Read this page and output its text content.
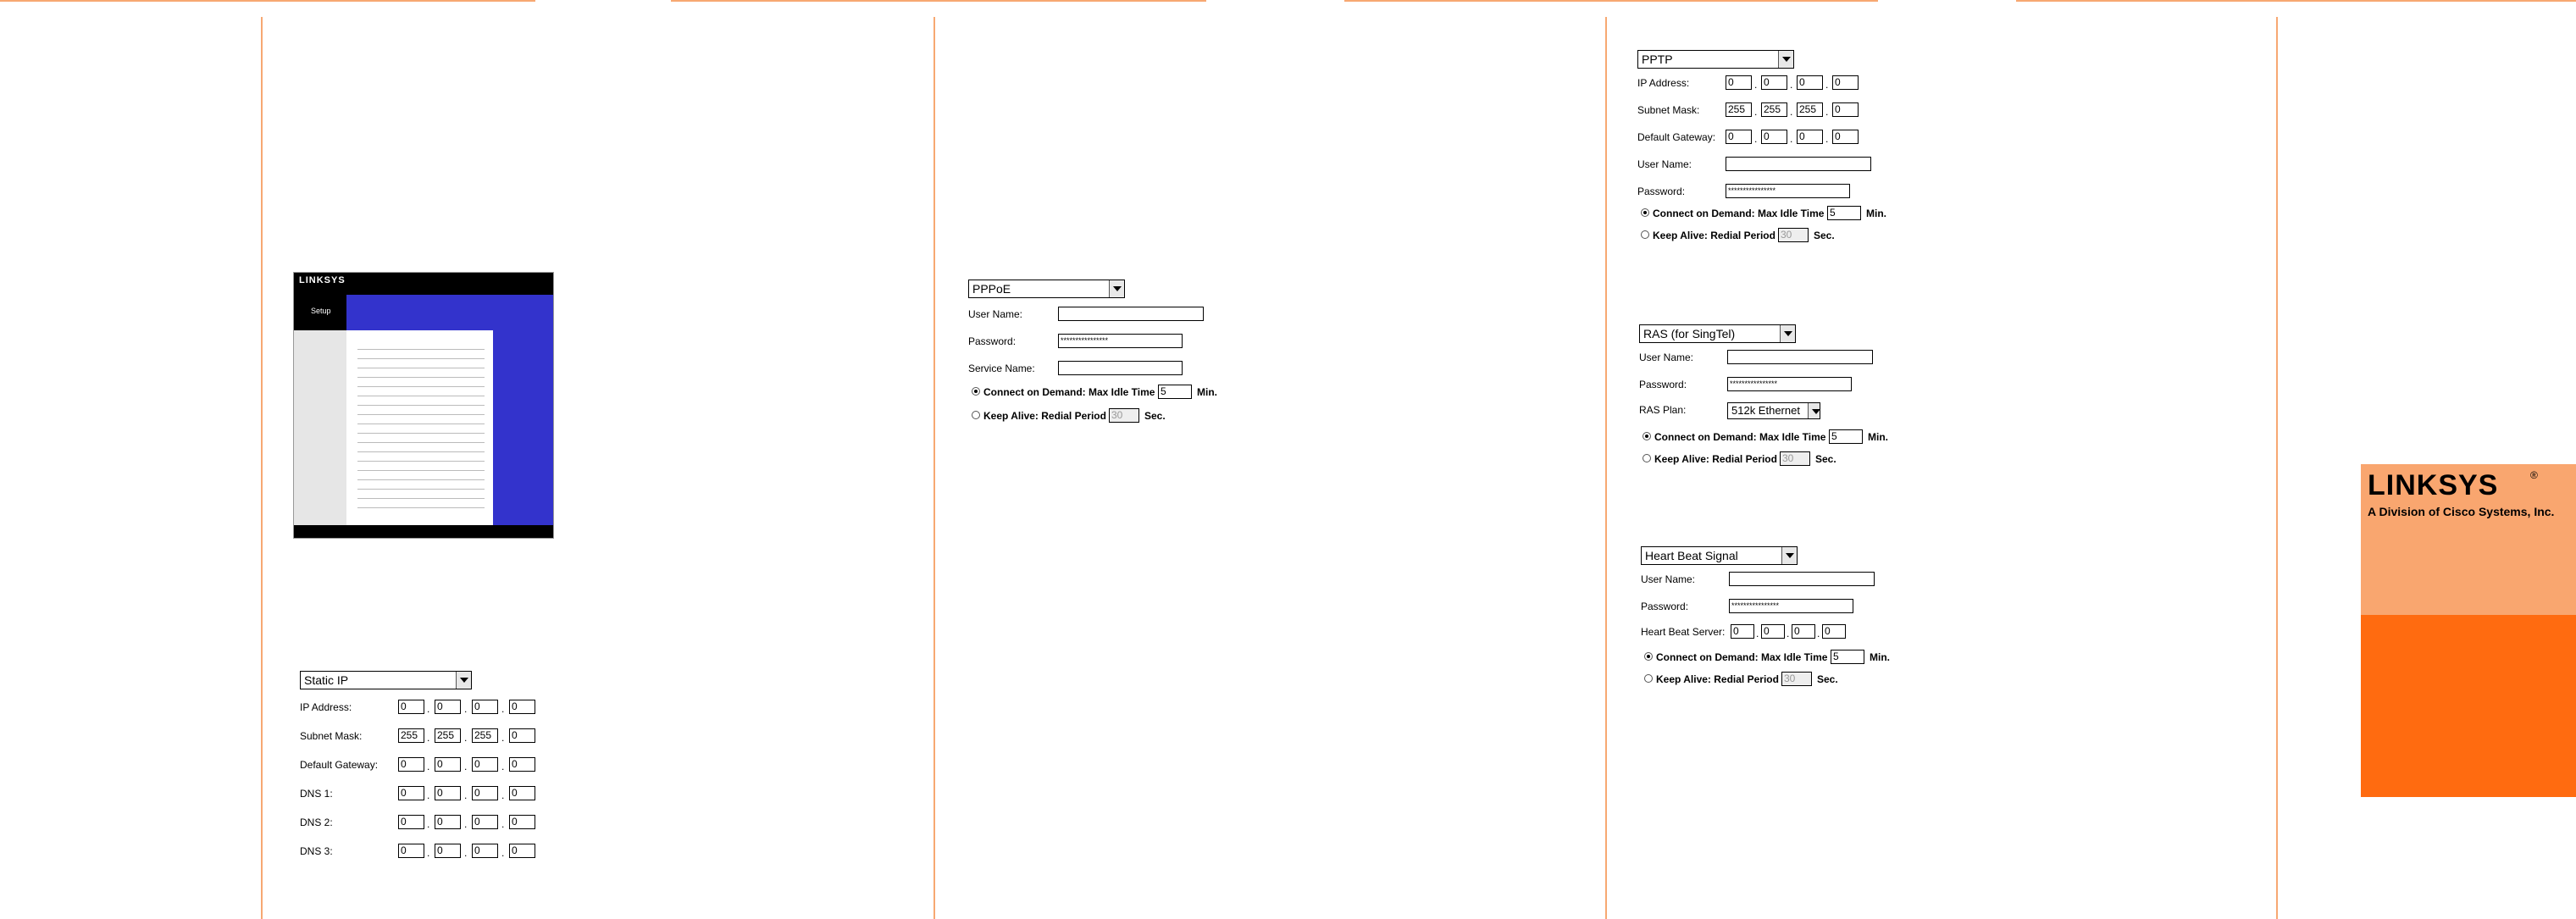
LINKSYS
Setup
Static IP
IP Address:	0	. 0	. 0	. 0
Subnet Mask:	255 . 255 . 255 . 0
Default Gateway: 0	. 0	. 0	. 0
DNS 1:	0	. 0	. 0	. 0
DNS 2:	0	. 0	. 0	. 0
DNS 3:	0	. 0	. 0	. 0
PPPoE
User Name:
Password:	****************
Service Name:
Connect on Demand: Max Idle Time 5	Min.
Keep Alive: Redial Period 30	Sec.
PPTP
IP Address:	0	. 0	. 0	. 0
Subnet Mask:	255 . 255 . 255 . 0
Default Gateway: 0	. 0	. 0	. 0
User Name:
Password:	****************
Connect on Demand: Max Idle Time 5	Min.
Keep Alive: Redial Period 30	Sec.
RAS (for SingTel)
User Name:
Password:	****************
RAS Plan:	512k Ethernet
Connect on Demand: Max Idle Time 5	Min.
Keep Alive: Redial Period 30	Sec.
Heart Beat Signal
User Name:
Password:	****************
Heart Beat Server: 0	. 0	. 0	. 0
Connect on Demand: Max Idle Time 5	Min.
Keep Alive: Redial Period 30	Sec.
LINKSYS	®
A Division of Cisco Systems, Inc.
